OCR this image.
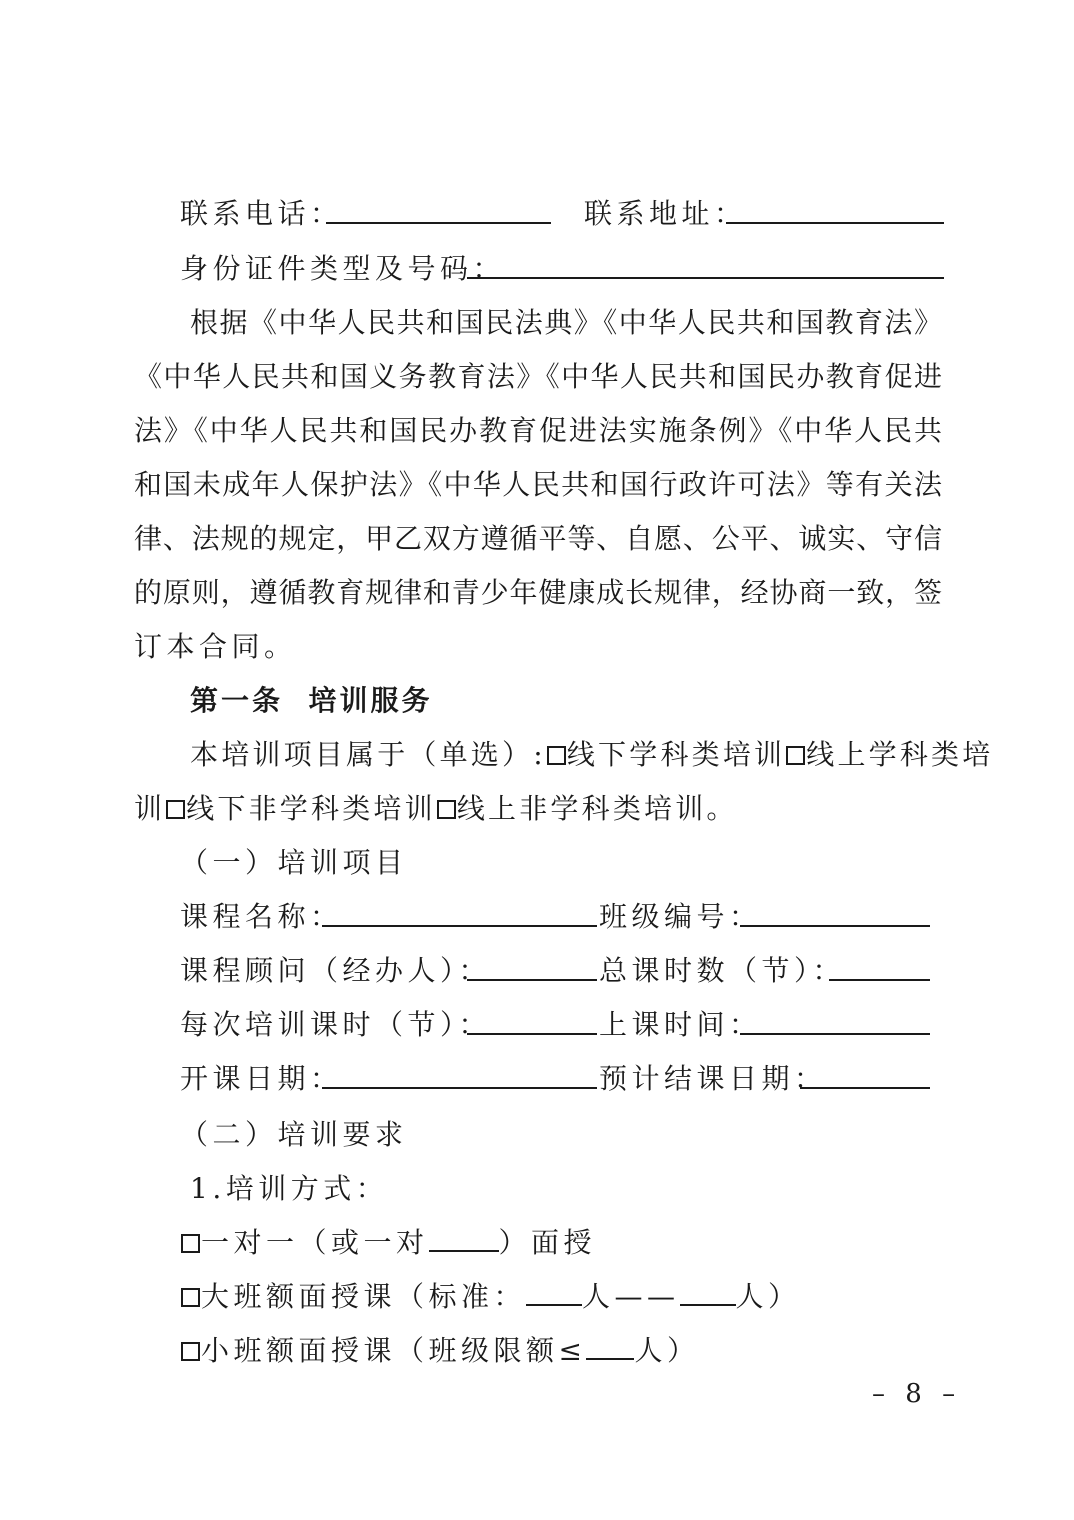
联系电话：	联系地址：
身份证件类型及号码：
根据《中华人民共和国民法典》《中华人民共和国教育法》
《中华人民共和国义务教育法》《中华人民共和国民办教育促进
法》《中华人民共和国民办教育促进法实施条例》《中华人民共
和国未成年人保护法》《中华人民共和国行政许可法》等有关法
律、法规的规定，甲乙双方遵循平等、自愿、公平、诚实、守信
的原则，遵循教育规律和青少年健康成长规律，经协商一致，签
订本合同。
第一条  培训服务
本培训项目属于（单选）: 线下学科类培训 线上学科类培
训 线下非学科类培训 线上非学科类培训。
（一）培训项目
课程名称：	班级编号：
课程顾问（经办人）：	总课时数（节）：
每次培训课时（节）：	上课时间：
开课日期：	预计结课日期：
（二）培训要求
1.培训方式：
一对一（或一对	）面授
大班额面授课（标准： 人—— 人）
小班额面授课（班级限额≤ 人）
– 8 –
